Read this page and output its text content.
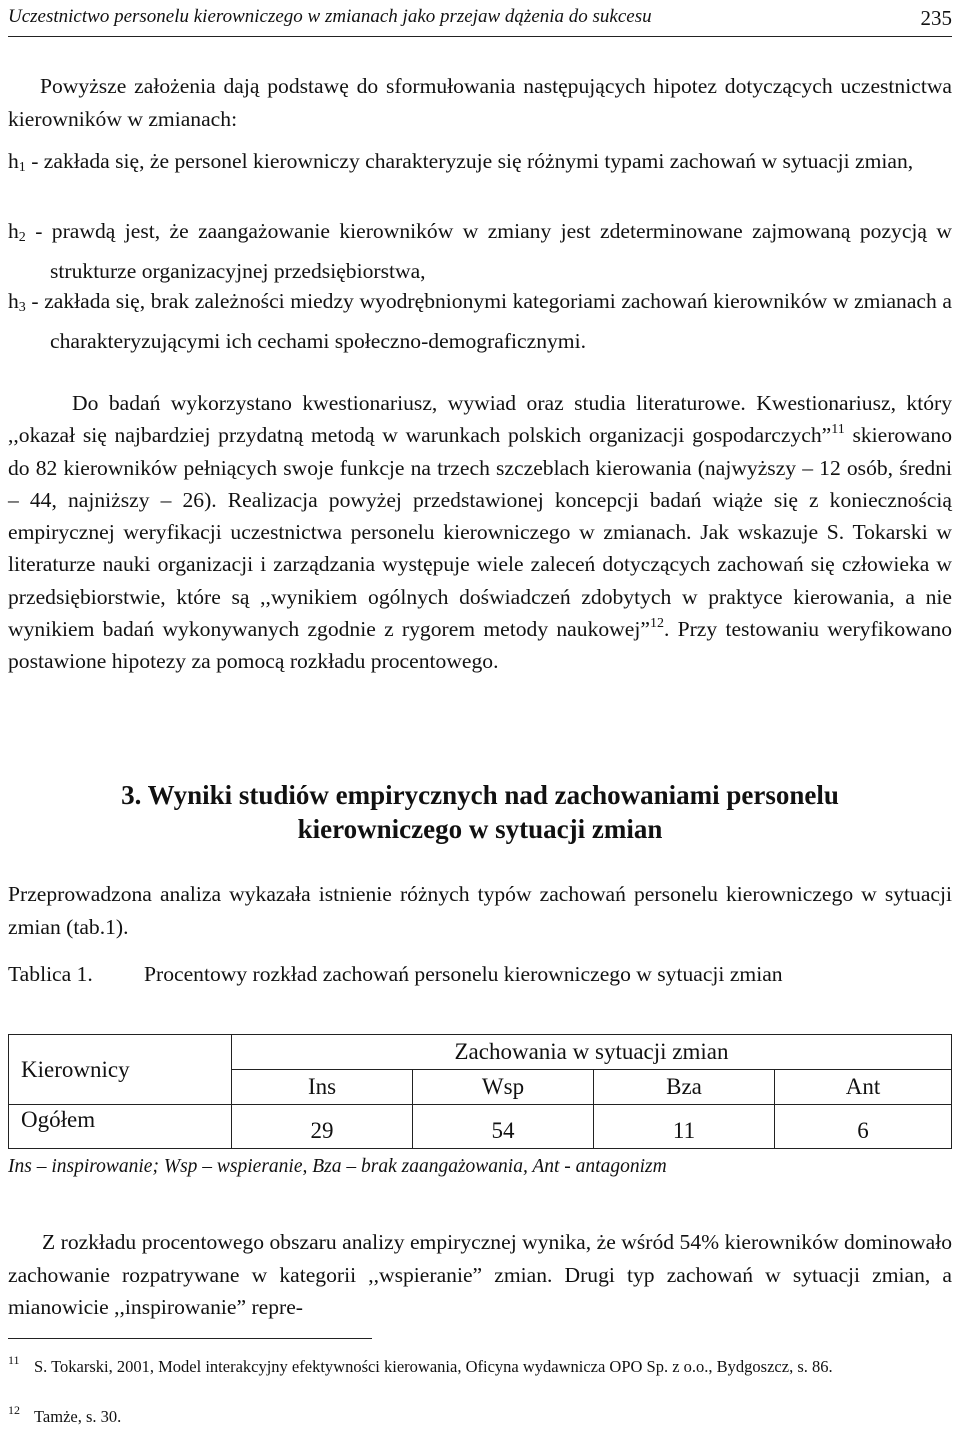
Uczestnictwo personelu kierowniczego w zmianach jako przejaw dążenia do sukcesu	235

Powyższe założenia dają podstawę do sformułowania następujących hipotez dotyczących uczestnictwa kierowników w zmianach:

$h_1$ - zakłada się, że personel kierowniczy charakteryzuje się różnymi typami zachowań w sytuacji zmian,

$h_2$ - prawdą jest, że zaangażowanie kierowników w zmiany jest zdeterminowane zajmowaną pozycją w strukturze organizacyjnej przedsiębiorstwa,

$h_3$ - zakłada się, brak zależności miedzy wyodrębnionymi kategoriami zachowań kierowników w zmianach a charakteryzującymi ich cechami społeczno-demograficznymi.

Do badań wykorzystano kwestionariusz, wywiad oraz studia literaturowe. Kwestionariusz, który ,,okazał się najbardziej przydatną metodą w warunkach polskich organizacji gospodarczych”$^{11}$ skierowano do 82 kierowników pełniących swoje funkcje na trzech szczeblach kierowania (najwyższy – 12 osób, średni – 44, najniższy – 26). Realizacja powyżej przedstawionej koncepcji badań wiąże się z koniecznością empirycznej weryfikacji uczestnictwa personelu kierowniczego w zmianach. Jak wskazuje S. Tokarski w literaturze nauki organizacji i zarządzania występuje wiele zaleceń dotyczących zachowań się człowieka w przedsiębiorstwie, które są ,,wynikiem ogólnych doświadczeń zdobytych w praktyce kierowania, a nie wynikiem badań wykonywanych zgodnie z rygorem metody naukowej”$^{12}$. Przy testowaniu weryfikowano postawione hipotezy za pomocą rozkładu procentowego.

3. Wyniki studiów empirycznych nad zachowaniami personelu
kierowniczego w sytuacji zmian

Przeprowadzona analiza wykazała istnienie różnych typów zachowań personelu kierowniczego w sytuacji zmian (tab.1).

Tablica 1. Procentowy rozkład zachowań personelu kierowniczego w sytuacji zmian
Kierownicy	Zachowania w sytuacji zmian			
	Ins	Wsp	Bza	Ant
Ogółem	29	54	11	6
Ins – inspirowanie; Wsp – wspieranie, Bza – brak zaangażowania, Ant - antagonizm

Z rozkładu procentowego obszaru analizy empirycznej wynika, że wśród 54% kierowników dominowało zachowanie rozpatrywane w kategorii ,,wspieranie” zmian. Drugi typ zachowań w sytuacji zmian, a mianowicie ,,inspirowanie” repre-

11 S. Tokarski, 2001, Model interakcyjny efektywności kierowania, Oficyna wydawnicza OPO Sp. z o.o., Bydgoszcz, s. 86.
12 Tamże, s. 30.
